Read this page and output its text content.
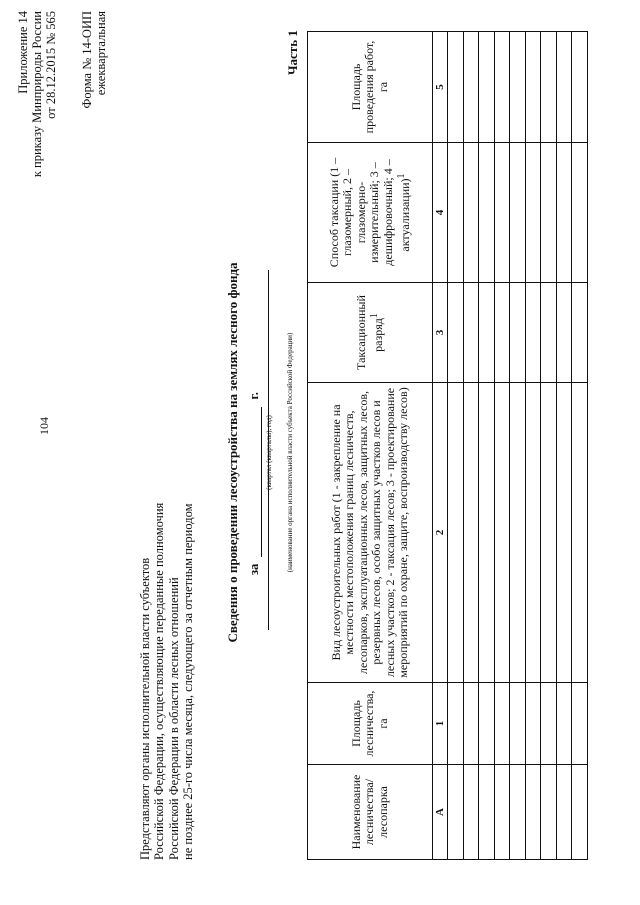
104
Приложение 14 к приказу Минприроды России от 28.12.2015 № 565 Форма № 14-ОИП ежеквартальная
Представляют органы исполнительной власти субъектов Российской Федерации, осуществляющие переданные полномочия Российской Федерации в области лесных отношений не позднее 25-го числа месяца, следующего за отчетным периодом
Сведения о проведении лесоустройства на землях лесного фонда за  г.
(квартал (кварталы), год) (наименование органа исполнительной власти субъекта Российской Федерации)
Часть 1
Наименование лесничества/ лесопарка	Площадь лесничества, га	Вид лесоустроительных работ (1 - закрепление на местности местоположения границ лесничеств, лесопарков, эксплуатационных лесов, защитных лесов, резервных лесов, особо защитных участков лесов и лесных участков; 2 - таксация лесов; 3 - проектирование мероприятий по охране, защите, воспроизводству лесов)	Таксационный разряд$^1$	Способ таксации (1 – глазомерный, 2 – глазомерно-измерительный; 3 – дешифровочный; 4 – актуализации)$^1$	Площадь проведения работ, га
А	1	2	3	4	5
